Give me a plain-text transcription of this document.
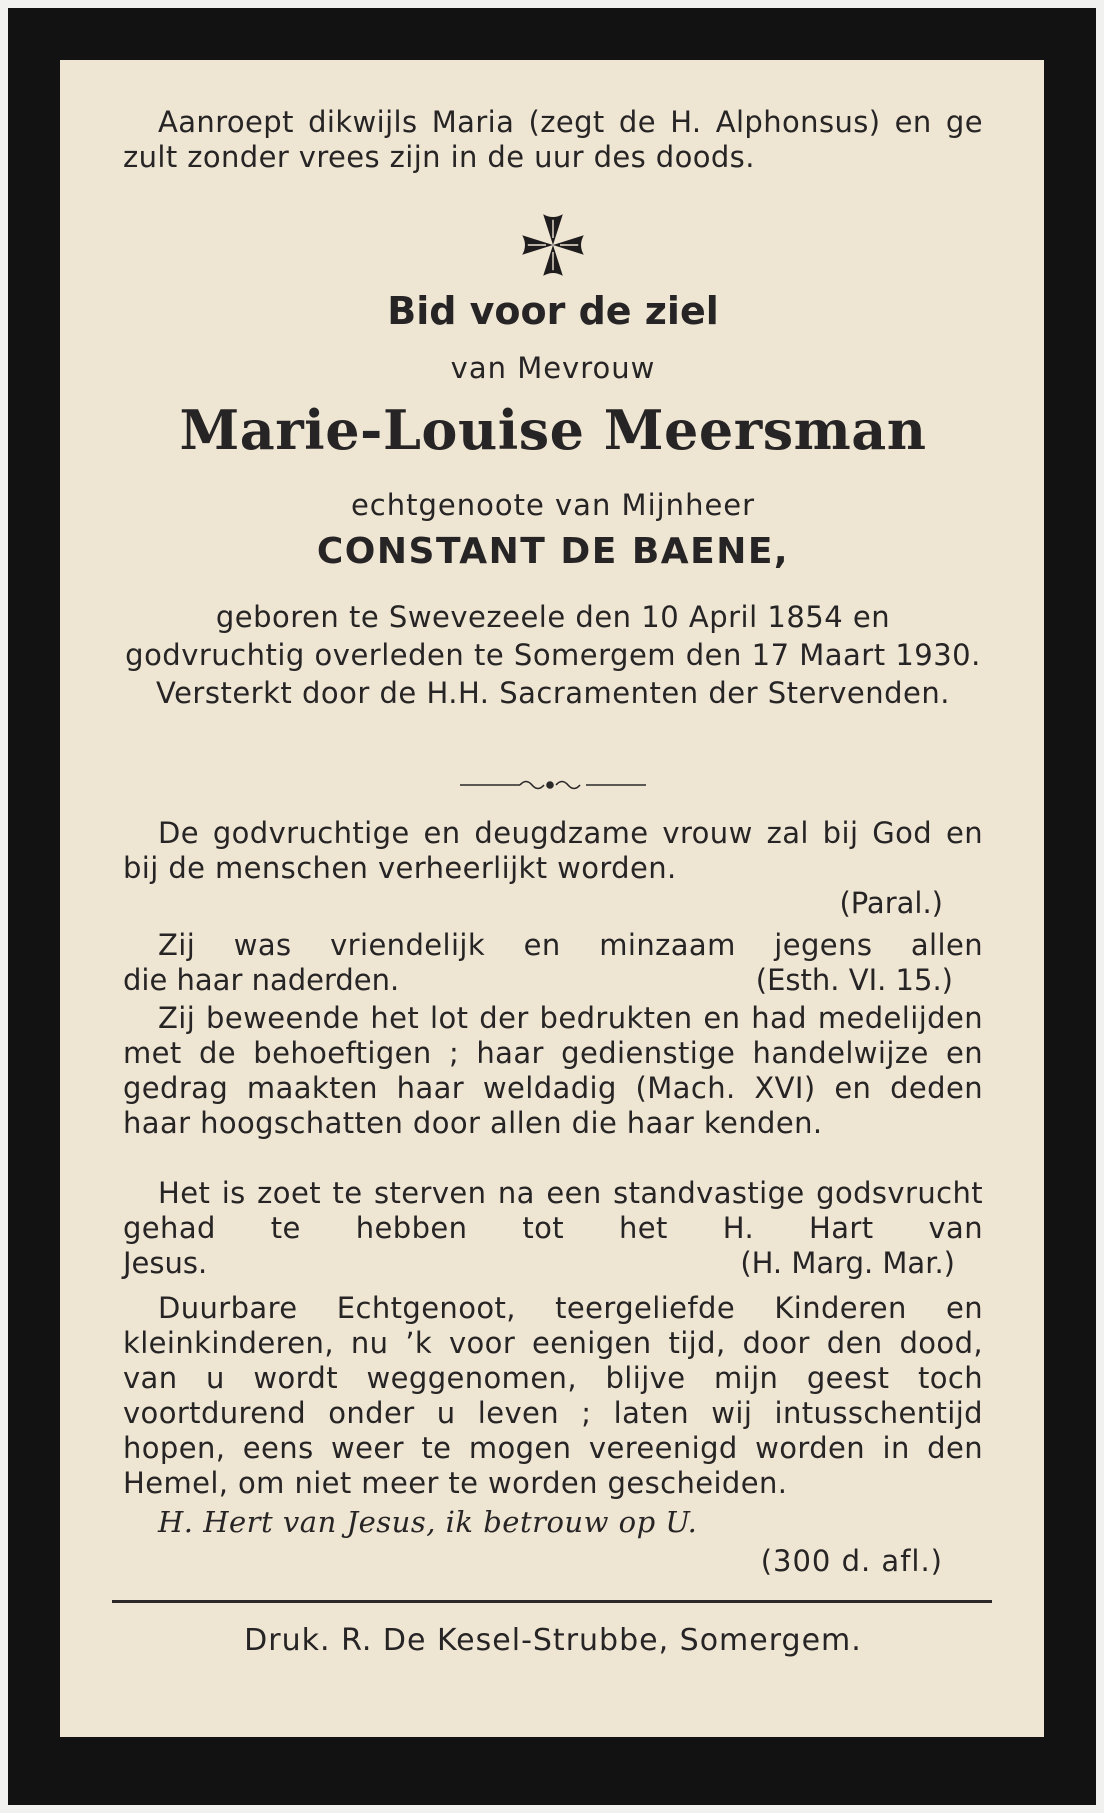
Aanroept dikwijls Maria (zegt de H. Alphonsus) en ge zult zonder vrees zijn in de uur des doods.

Bid voor de ziel
van Mevrouw
Marie-Louise Meersman
echtgenoote van Mijnheer
CONSTANT DE BAENE,

geboren te Swevezeele den 10 April 1854 en godvruchtig overleden te Somergem den 17 Maart 1930. Versterkt door de H.H. Sacramenten der Stervenden.

De godvruchtige en deugdzame vrouw zal bij God en bij de menschen verheerlijkt worden.

(Paral.)
Zij was vriendelijk en minzaam jegens allen
die haar naderden.	(Esth. VI. 15.)

Zij beweende het lot der bedrukten en had medelijden met de behoeftigen ; haar gedienstige handelwijze en gedrag maakten haar weldadig (Mach. XVI) en deden haar hoogschatten door allen die haar kenden.

Het is zoet te sterven na een standvastige godsvrucht gehad te hebben tot het H. Hart van
Jesus.	(H. Marg. Mar.)

Duurbare Echtgenoot, teergeliefde Kinderen en kleinkinderen, nu ’k voor eenigen tijd, door den dood, van u wordt weggenomen, blijve mijn geest toch voortdurend onder u leven ; laten wij intusschentijd hopen, eens weer te mogen vereenigd worden in den Hemel, om niet meer te worden gescheiden.

H. Hert van Jesus, ik betrouw op U.
(300 d. afl.)
Druk. R. De Kesel-Strubbe, Somergem.
